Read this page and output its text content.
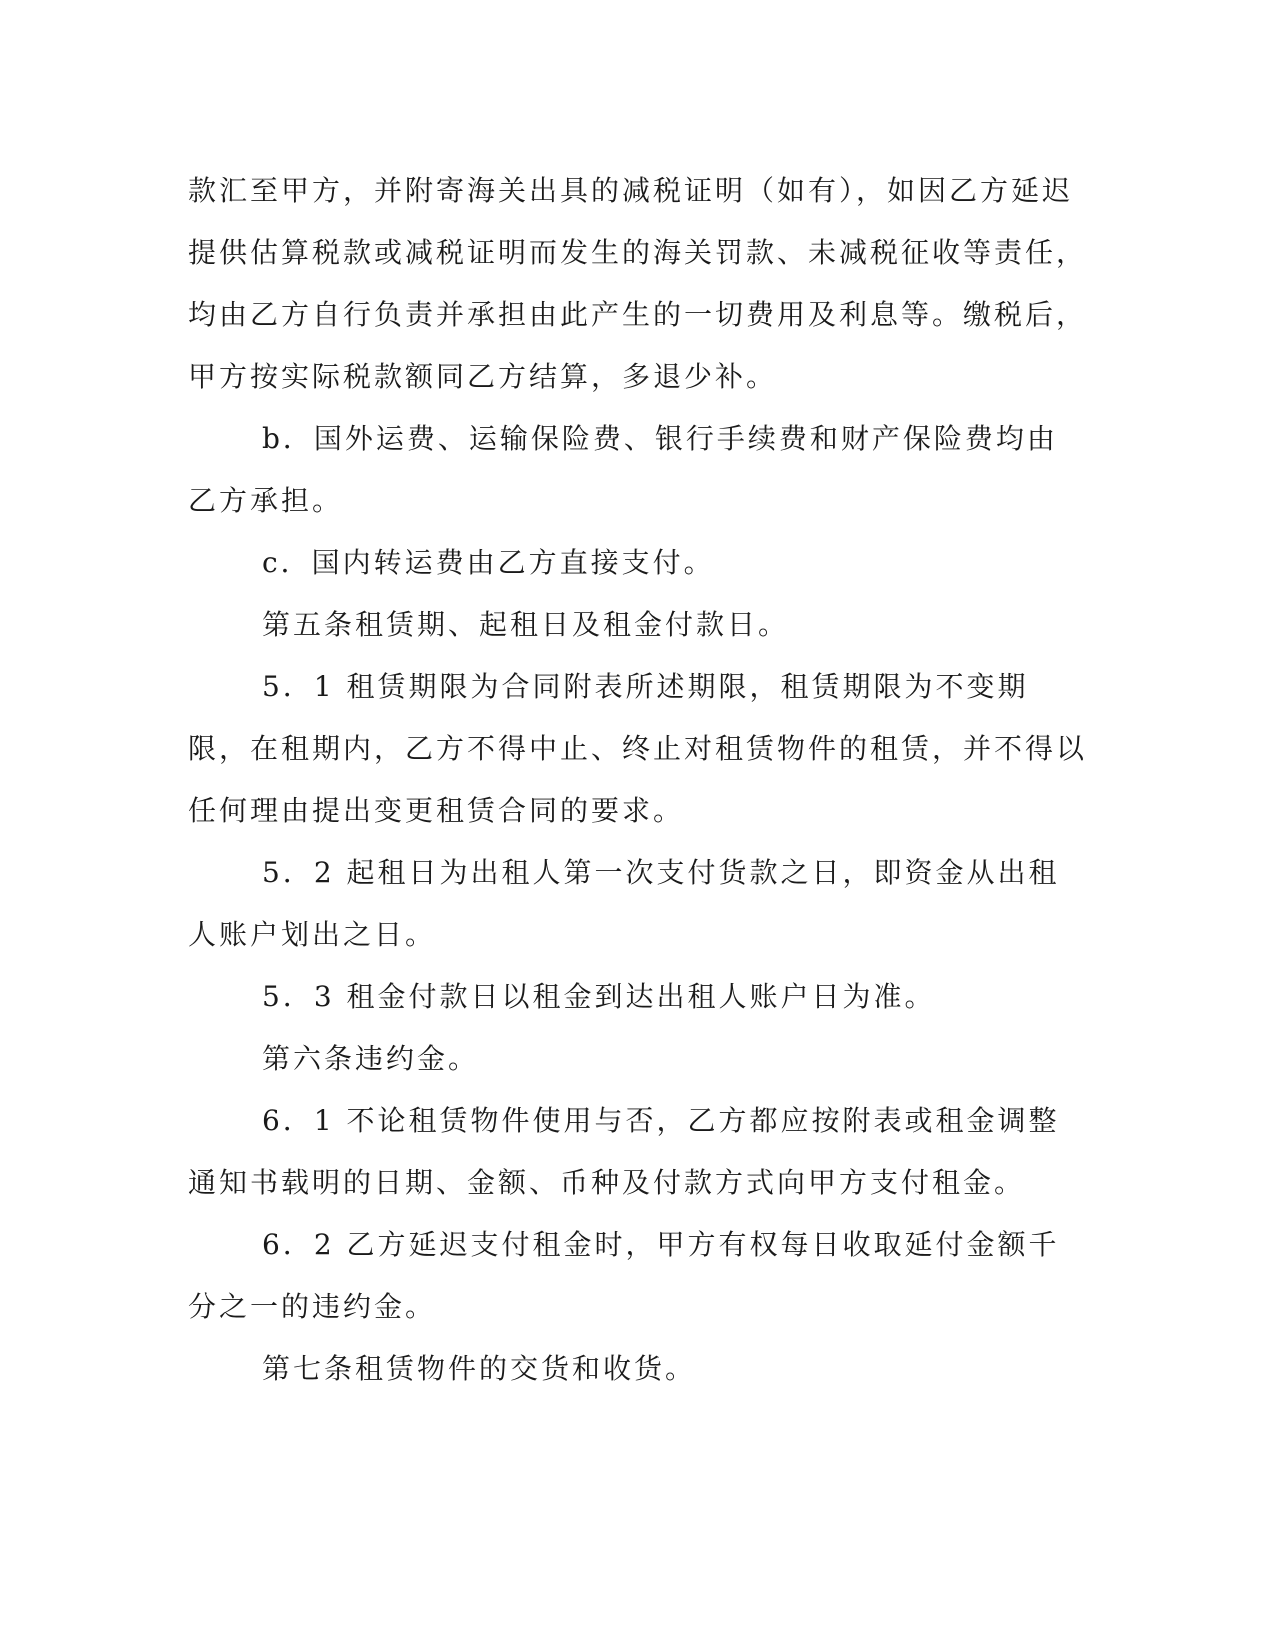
款汇至甲方，并附寄海关出具的减税证明（如有），如因乙方延迟提供估算税款或减税证明而发生的海关罚款、未减税征收等责任，均由乙方自行负责并承担由此产生的一切费用及利息等。缴税后，甲方按实际税款额同乙方结算，多退少补。

b．国外运费、运输保险费、银行手续费和财产保险费均由乙方承担。

c．国内转运费由乙方直接支付。

第五条租赁期、起租日及租金付款日。

5．1 租赁期限为合同附表所述期限，租赁期限为不变期限，在租期内，乙方不得中止、终止对租赁物件的租赁，并不得以任何理由提出变更租赁合同的要求。

5．2 起租日为出租人第一次支付货款之日，即资金从出租人账户划出之日。

5．3 租金付款日以租金到达出租人账户日为准。

第六条违约金。

6．1 不论租赁物件使用与否，乙方都应按附表或租金调整通知书载明的日期、金额、币种及付款方式向甲方支付租金。

6．2 乙方延迟支付租金时，甲方有权每日收取延付金额千分之一的违约金。

第七条租赁物件的交货和收货。
